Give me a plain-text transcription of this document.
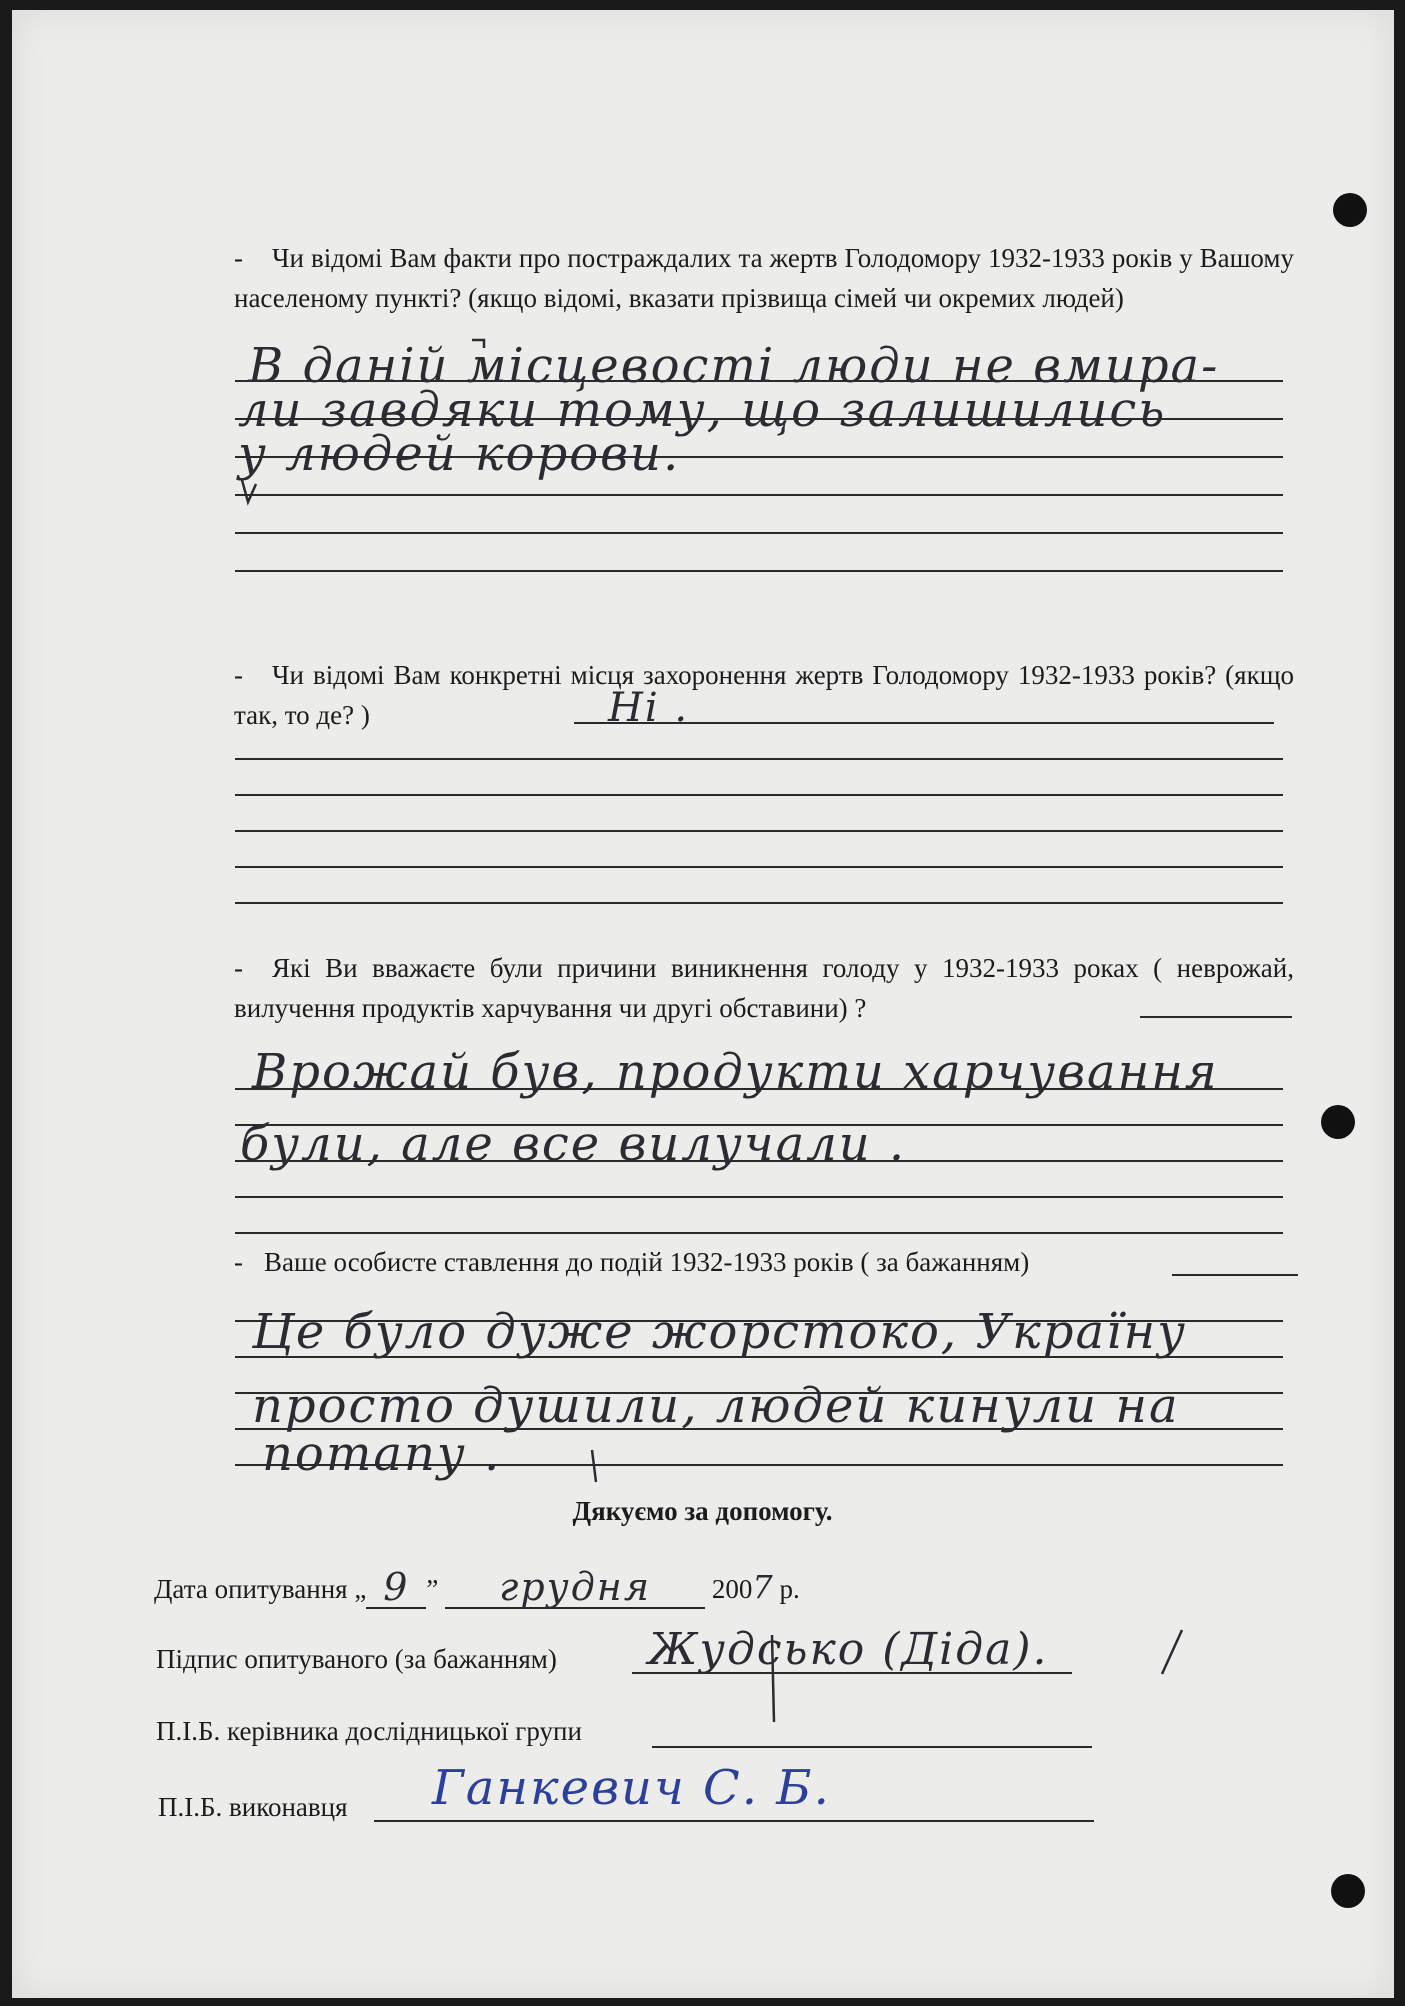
- Чи відомі Вам факти про постраждалих та жертв Голодомору 1932-1933 років у Вашому населеному пункті? (якщо відомі, вказати прізвища сімей чи окремих людей)
В даній місцевості люди не вмира-
ли завдяки тому, що залишились
у людей корови.
- Чи відомі Вам конкретні місця захоронення жертв Голодомору 1932-1933 років? (якщо так, то де? )	Ні .
- Які Ви вважаєте були причини виникнення голоду у 1932-1933 роках ( неврожай, вилучення продуктів харчування чи другі обставини) ?
Врожай був, продукти харчування
були, але все вилучали .
- Ваше особисте ставлення до подій 1932-1933 років ( за бажанням)
Це було дуже жорстоко, Україну
просто душили, людей кинули на
потапу .
Дякуємо за допомогу.
Дата опитування „ 9 ” грудня 2007 р.
Підпис опитуваного (за бажанням) Жудсько (Діда).
П.І.Б. керівника дослідницької групи
П.І.Б. виконавця Ганкевич С. Б.
